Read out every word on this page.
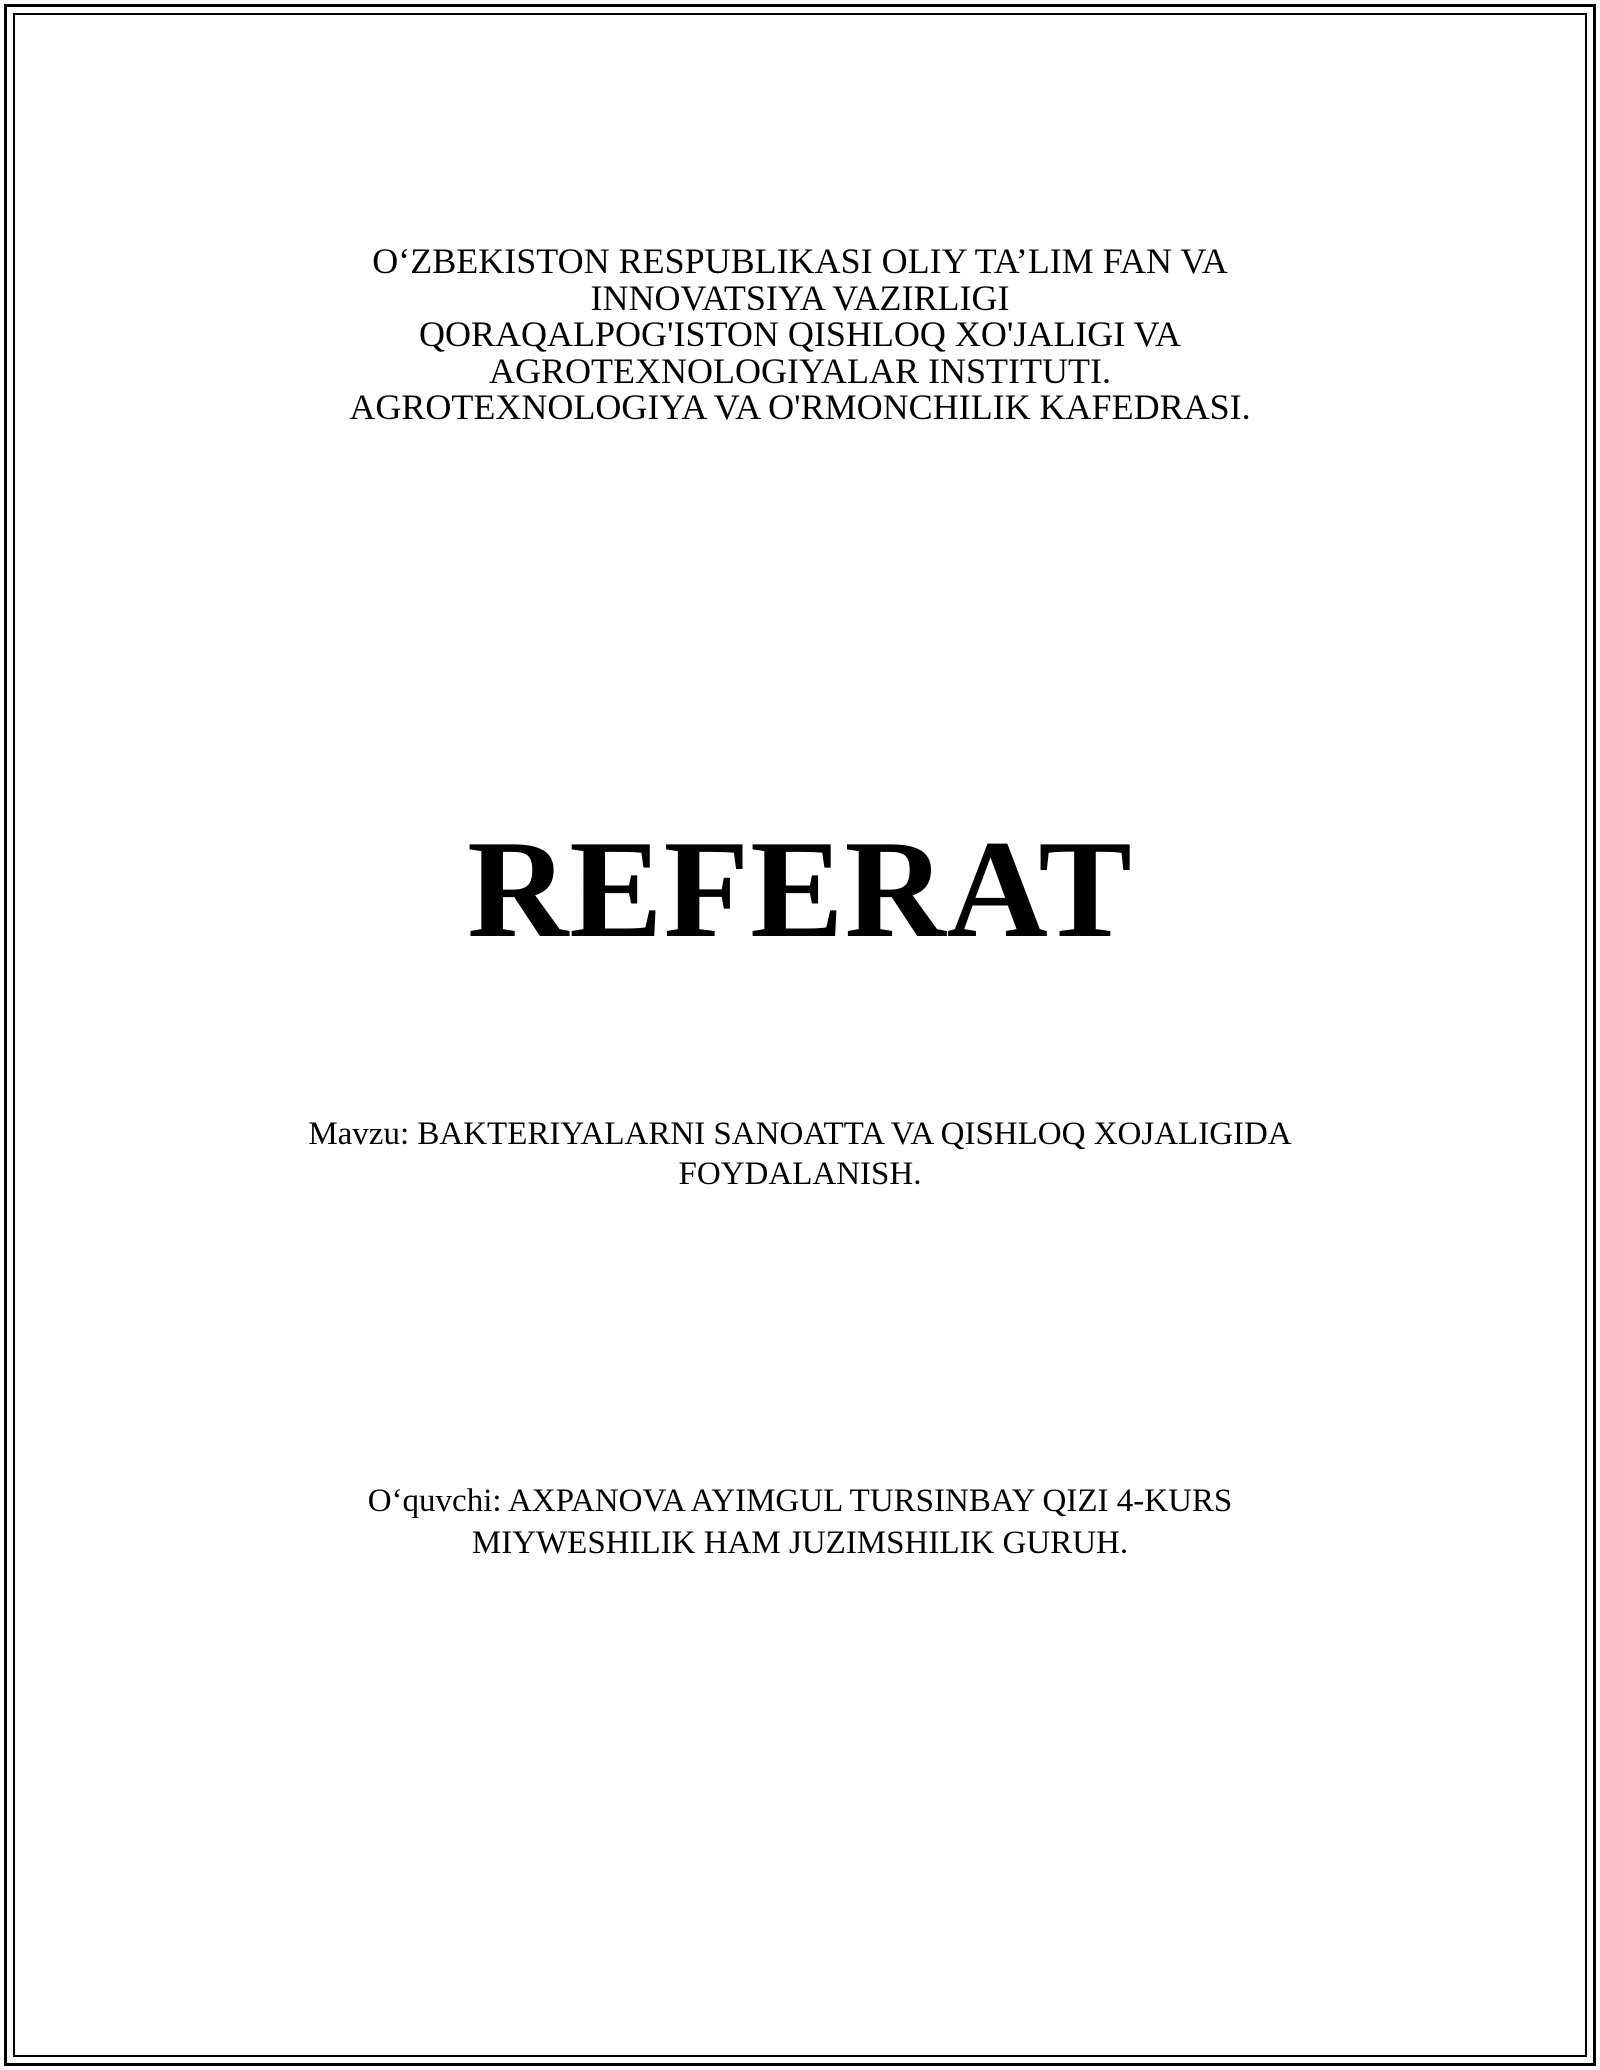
O‘ZBEKISTON RESPUBLIKASI OLIY TA’LIM FAN VA
INNOVATSIYA VAZIRLIGI
QORAQALPOG'ISTON QISHLOQ XO'JALIGI VA
AGROTEXNOLOGIYALAR INSTITUTI.
AGROTEXNOLOGIYA VA O'RMONCHILIK KAFEDRASI.
REFERAT
Mavzu: BAKTERIYALARNI SANOATTA VA QISHLOQ XOJALIGIDA
FOYDALANISH.
O‘quvchi: AXPANOVA AYIMGUL TURSINBAY QIZI 4-KURS
MIYWESHILIK HAM JUZIMSHILIK GURUH.
